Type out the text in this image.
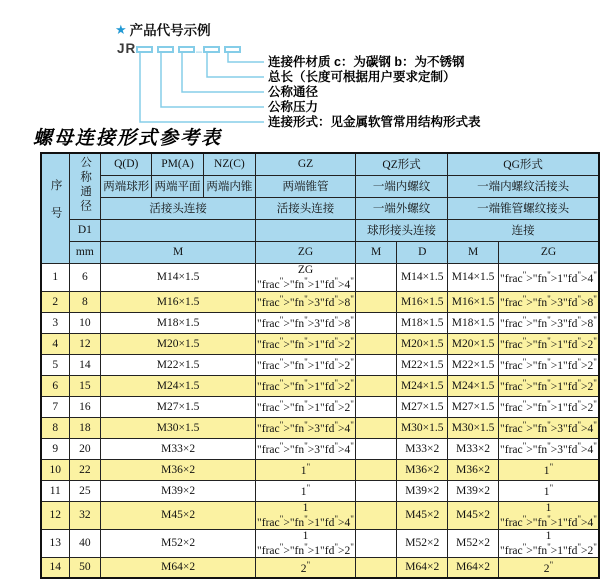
★ 产品代号示例
JR	–
连接件材质 c：为碳钢 b：为不锈钢
总长（长度可根据用户要求定制）
公称通径
公称压力
连接形式：见金属软管常用结构形式表
螺母连接形式参考表
序号	公称通径	Q(D)	PM(A)	NZ(C)	GZ	QZ形式		QG形式	
		两端球形	两端平面	两端内锥	两端锥管	一端内螺纹		一端内螺纹活接头	
		活接头连接			活接头连接	一端外螺纹		一端锥管螺纹接头	
	D1					球形接头连接		连接	
	mm	M			ZG	M	D	M	ZG
1	6	M14×1.5			ZG "frac">"fn">1"fd">4"		M14×1.5	M14×1.5	"frac">"fn">1"fd">4"
2	8	M16×1.5			"frac">"fn">3"fd">8"		M16×1.5	M16×1.5	"frac">"fn">3"fd">8"
3	10	M18×1.5			"frac">"fn">3"fd">8"		M18×1.5	M18×1.5	"frac">"fn">3"fd">8"
4	12	M20×1.5			"frac">"fn">1"fd">2"		M20×1.5	M20×1.5	"frac">"fn">1"fd">2"
5	14	M22×1.5			"frac">"fn">1"fd">2"		M22×1.5	M22×1.5	"frac">"fn">1"fd">2"
6	15	M24×1.5			"frac">"fn">1"fd">2"		M24×1.5	M24×1.5	"frac">"fn">1"fd">2"
7	16	M27×1.5			"frac">"fn">1"fd">2"		M27×1.5	M27×1.5	"frac">"fn">1"fd">2"
8	18	M30×1.5			"frac">"fn">3"fd">4"		M30×1.5	M30×1.5	"frac">"fn">3"fd">4"
9	20	M33×2			"frac">"fn">3"fd">4"		M33×2	M33×2	"frac">"fn">3"fd">4"
10	22	M36×2			1"		M36×2	M36×2	1"
11	25	M39×2			1"		M39×2	M39×2	1"
12	32	M45×2			1 "frac">"fn">1"fd">4"		M45×2	M45×2	1 "frac">"fn">1"fd">4"
13	40	M52×2			1 "frac">"fn">1"fd">2"		M52×2	M52×2	1 "frac">"fn">1"fd">2"
14	50	M64×2			2"		M64×2	M64×2	2"
